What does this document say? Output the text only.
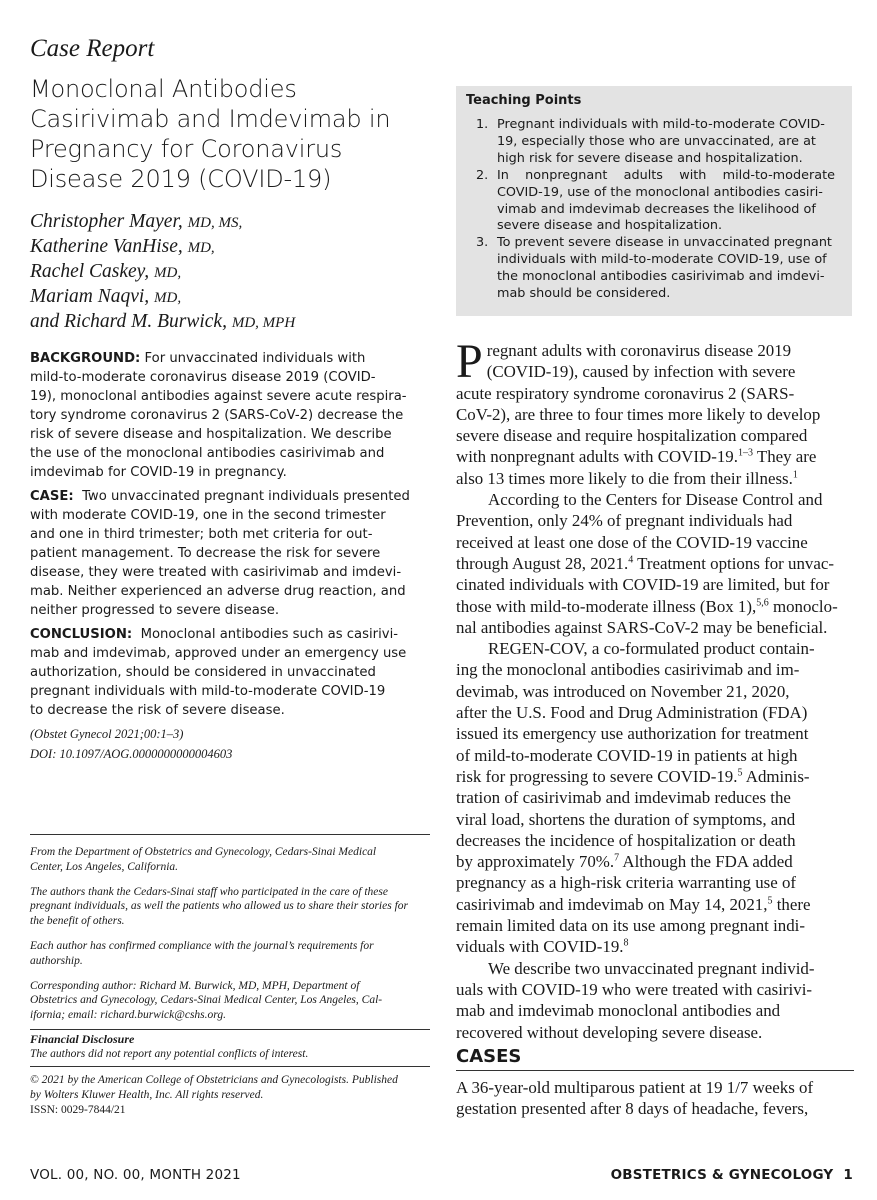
Case Report
Monoclonal Antibodies
Casirivimab and Imdevimab in
Pregnancy for Coronavirus
Disease 2019 (COVID-19)
Christopher Mayer, MD, MS,
Katherine VanHise, MD,
Rachel Caskey, MD,
Mariam Naqvi, MD,
and Richard M. Burwick, MD, MPH

BACKGROUND: For unvaccinated individuals with
mild-to-moderate coronavirus disease 2019 (COVID-
19), monoclonal antibodies against severe acute respira-
tory syndrome coronavirus 2 (SARS-CoV-2) decrease the
risk of severe disease and hospitalization. We describe
the use of the monoclonal antibodies casirivimab and
imdevimab for COVID-19 in pregnancy.

CASE: Two unvaccinated pregnant individuals presented
with moderate COVID-19, one in the second trimester
and one in third trimester; both met criteria for out-
patient management. To decrease the risk for severe
disease, they were treated with casirivimab and imdevi-
mab. Neither experienced an adverse drug reaction, and
neither progressed to severe disease.

CONCLUSION: Monoclonal antibodies such as casirivi-
mab and imdevimab, approved under an emergency use
authorization, should be considered in unvaccinated
pregnant individuals with mild-to-moderate COVID-19
to decrease the risk of severe disease.

(Obstet Gynecol 2021;00:1–3)
DOI: 10.1097/AOG.0000000000004603
From the Department of Obstetrics and Gynecology, Cedars-Sinai Medical
Center, Los Angeles, California.
The authors thank the Cedars-Sinai staff who participated in the care of these
pregnant individuals, as well the patients who allowed us to share their stories for
the benefit of others.
Each author has confirmed compliance with the journal’s requirements for
authorship.
Corresponding author: Richard M. Burwick, MD, MPH, Department of
Obstetrics and Gynecology, Cedars-Sinai Medical Center, Los Angeles, Cal-
ifornia; email: richard.burwick@cshs.org.
Financial Disclosure
The authors did not report any potential conflicts of interest.
© 2021 by the American College of Obstetricians and Gynecologists. Published
by Wolters Kluwer Health, Inc. All rights reserved.
ISSN: 0029-7844/21
Teaching Points
1. Pregnant individuals with mild-to-moderate COVID-
19, especially those who are unvaccinated, are at
high risk for severe disease and hospitalization.
2. In    nonpregnant    adults    with    mild-to-moderate
COVID-19, use of the monoclonal antibodies casiri-
vimab and imdevimab decreases the likelihood of
severe disease and hospitalization.
3. To prevent severe disease in unvaccinated pregnant
individuals with mild-to-moderate COVID-19, use of
the monoclonal antibodies casirivimab and imdevi-
mab should be considered.
P regnant adults with coronavirus disease 2019
(COVID-19), caused by infection with severe
acute respiratory syndrome coronavirus 2 (SARS-
CoV-2), are three to four times more likely to develop
severe disease and require hospitalization compared
with nonpregnant adults with COVID-19.$^{1-3}$ They are
also 13 times more likely to die from their illness.$^1$
According to the Centers for Disease Control and
Prevention, only 24% of pregnant individuals had
received at least one dose of the COVID-19 vaccine
through August 28, 2021.$^4$ Treatment options for unvac-
cinated individuals with COVID-19 are limited, but for
those with mild-to-moderate illness (Box 1),$^{5,6}$ monoclo-
nal antibodies against SARS-CoV-2 may be beneficial.
REGEN-COV, a co-formulated product contain-
ing the monoclonal antibodies casirivimab and im-
devimab, was introduced on November 21, 2020,
after the U.S. Food and Drug Administration (FDA)
issued its emergency use authorization for treatment
of mild-to-moderate COVID-19 in patients at high
risk for progressing to severe COVID-19.$^5$ Adminis-
tration of casirivimab and imdevimab reduces the
viral load, shortens the duration of symptoms, and
decreases the incidence of hospitalization or death
by approximately 70%.$^7$ Although the FDA added
pregnancy as a high-risk criteria warranting use of
casirivimab and imdevimab on May 14, 2021,$^5$ there
remain limited data on its use among pregnant indi-
viduals with COVID-19.$^8$
We describe two unvaccinated pregnant individ-
uals with COVID-19 who were treated with casirivi-
mab and imdevimab monoclonal antibodies and
recovered without developing severe disease.
CASES
A 36-year-old multiparous patient at 19 1/7 weeks of
gestation presented after 8 days of headache, fevers,
VOL. 00, NO. 00, MONTH 2021	OBSTETRICS & GYNECOLOGY 1
